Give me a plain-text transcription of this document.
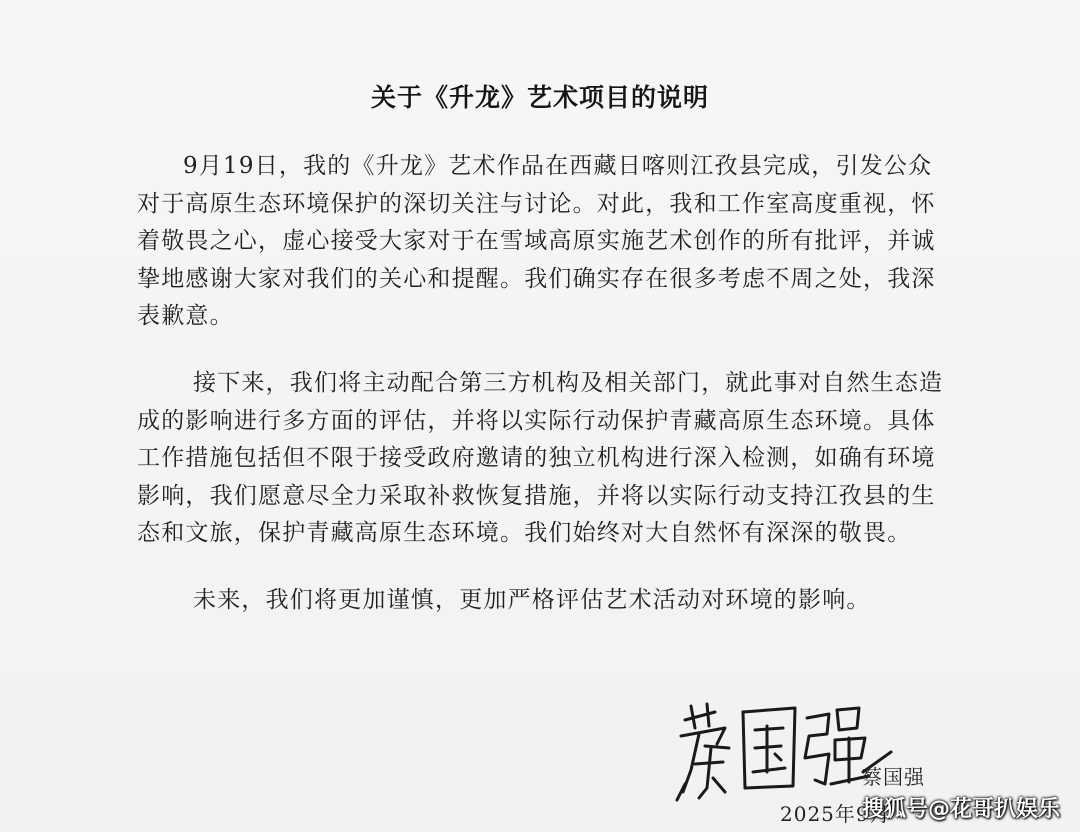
关于《升龙》艺术项目的说明
9月19日，我的《升龙》艺术作品在西藏日喀则江孜县完成，引发公众
对于高原生态环境保护的深切关注与讨论。对此，我和工作室高度重视，怀
着敬畏之心，虚心接受大家对于在雪域高原实施艺术创作的所有批评，并诚
挚地感谢大家对我们的关心和提醒。我们确实存在很多考虑不周之处，我深
表歉意。
接下来，我们将主动配合第三方机构及相关部门，就此事对自然生态造
成的影响进行多方面的评估，并将以实际行动保护青藏高原生态环境。具体
工作措施包括但不限于接受政府邀请的独立机构进行深入检测，如确有环境
影响，我们愿意尽全力采取补救恢复措施，并将以实际行动支持江孜县的生
态和文旅，保护青藏高原生态环境。我们始终对大自然怀有深深的敬畏。
未来，我们将更加谨慎，更加严格评估艺术活动对环境的影响。
蔡国强
2025年9月
搜狐号@花哥扒娱乐
